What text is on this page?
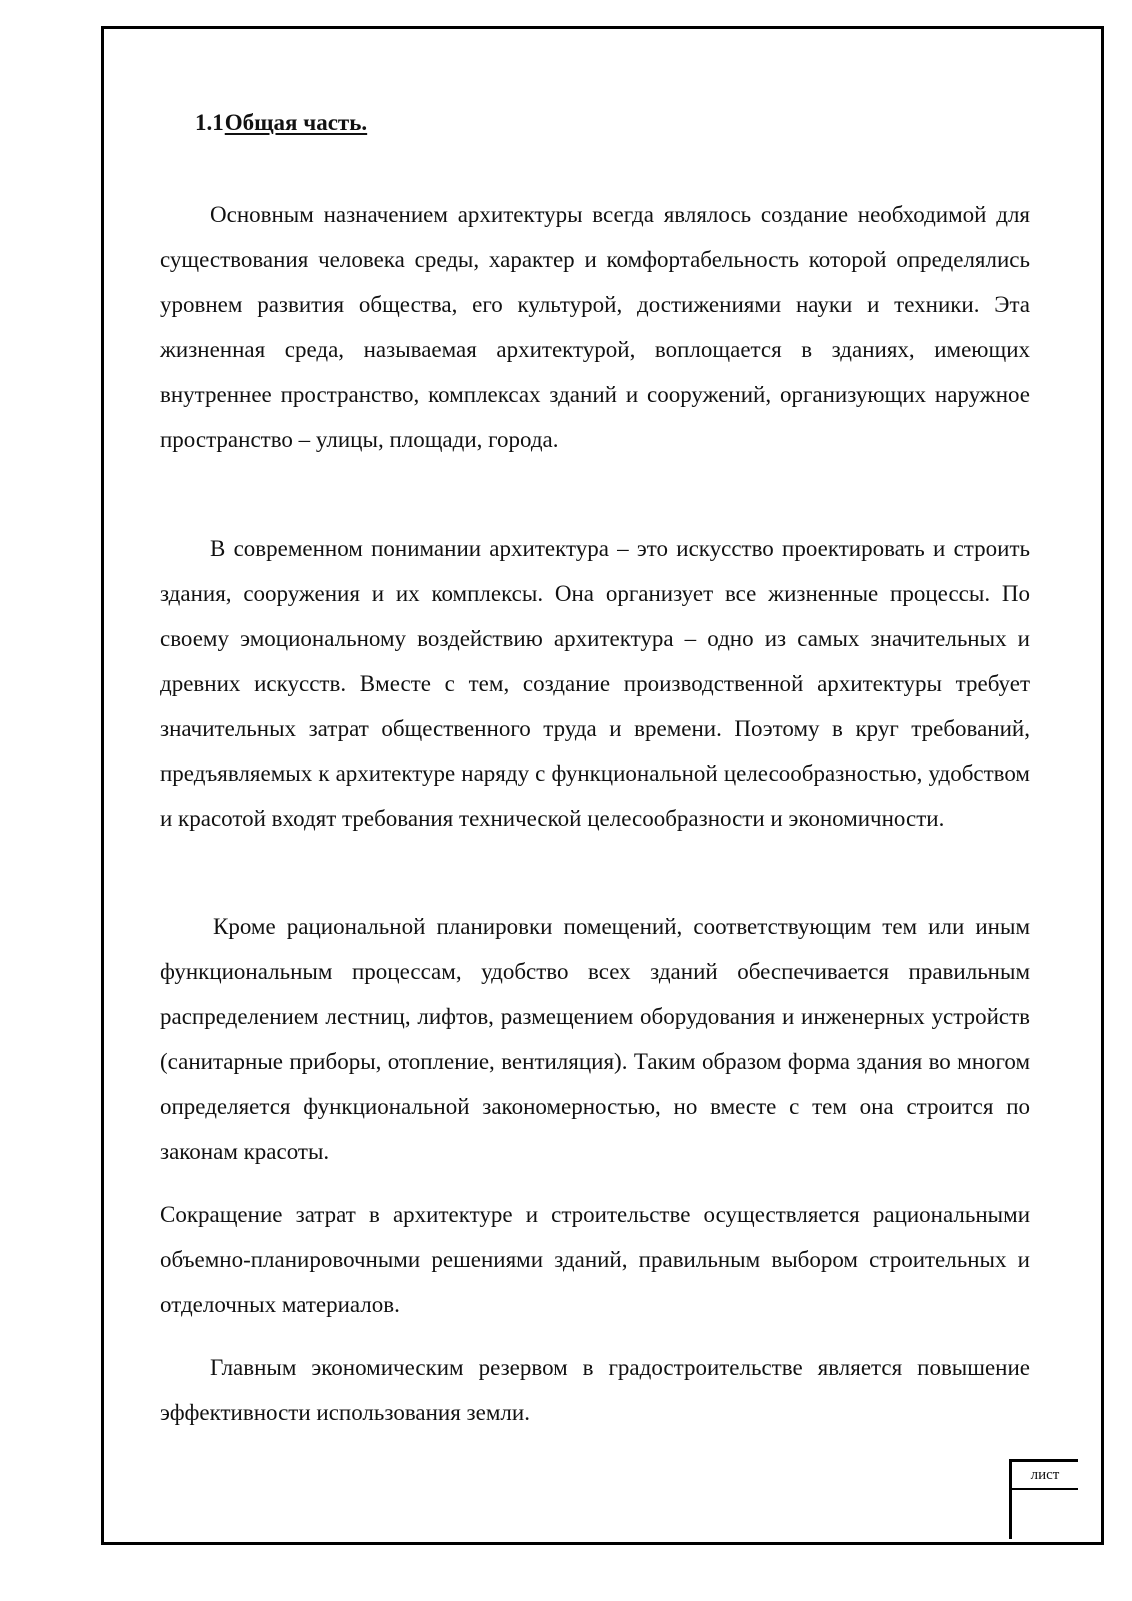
1.1Общая часть.

Основным назначением архитектуры всегда являлось создание необходимой для существования человека среды, характер и комфортабельность которой определялись уровнем развития общества, его культурой, достижениями науки и техники. Эта жизненная среда, называемая архитектурой, воплощается в зданиях, имеющих внутреннее пространство, комплексах зданий и сооружений, организующих наружное пространство – улицы, площади, города.

В современном понимании архитектура – это искусство проектировать и строить здания, сооружения и их комплексы. Она организует все жизненные процессы. По своему эмоциональному воздействию архитектура – одно из самых значительных и древних искусств. Вместе с тем, создание производственной архитектуры требует значительных затрат общественного труда и времени. Поэтому в круг требований, предъявляемых к архитектуре наряду с функциональной целесообразностью, удобством и красотой входят требования технической целесообразности и экономичности.

Кроме рациональной планировки помещений, соответствующим тем или иным функциональным процессам, удобство всех зданий обеспечивается правильным распределением лестниц, лифтов, размещением оборудования и инженерных устройств (санитарные приборы, отопление, вентиляция). Таким образом форма здания во многом определяется функциональной закономерностью, но вместе с тем она строится по законам красоты.

Сокращение затрат в архитектуре и строительстве осуществляется рациональными объемно-планировочными решениями зданий, правильным выбором строительных и отделочных материалов.

Главным экономическим резервом в градостроительстве является повышение эффективности использования земли.

лист
